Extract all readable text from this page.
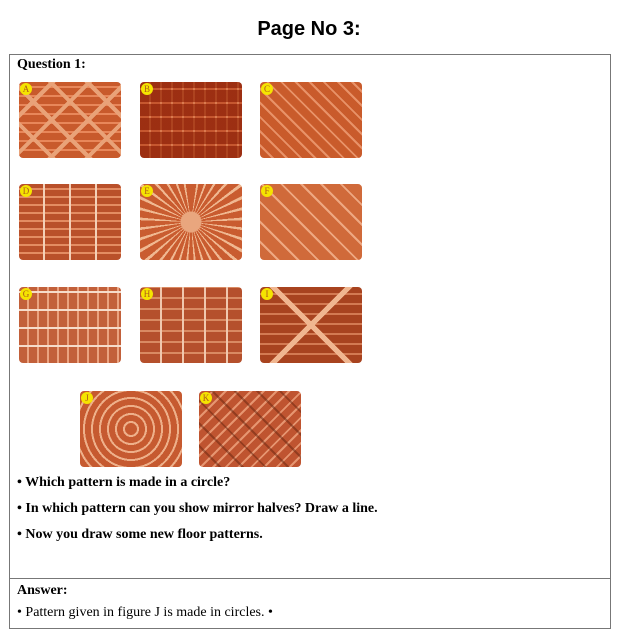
Page No 3:
Question 1:
A	B	C
D	E	F
G	H	I
J	K
• Which pattern is made in a circle?
• In which pattern can you show mirror halves? Draw a line.
• Now you draw some new floor patterns.
Answer:
• Pattern given in figure J is made in circles. •
